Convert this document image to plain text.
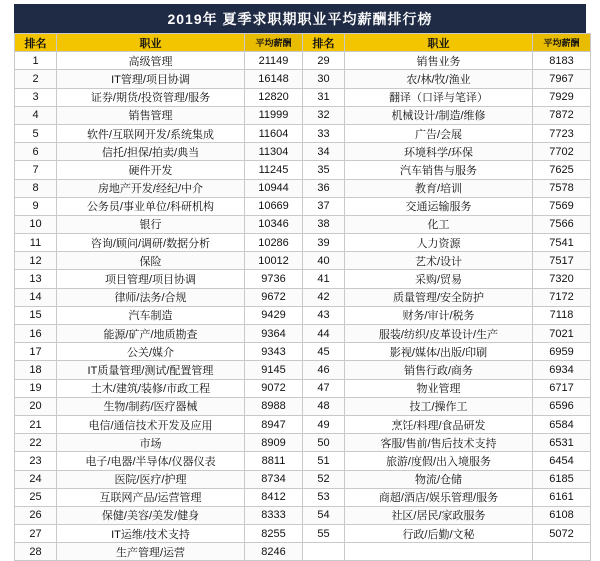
2019年 夏季求职期职业平均薪酬排行榜
排名	职业	平均薪酬	排名	职业	平均薪酬
1	高级管理	21149	29	销售业务	8183
2	IT管理/项目协调	16148	30	农/林/牧/渔业	7967
3	证券/期货/投资管理/服务	12820	31	翻译（口译与笔译）	7929
4	销售管理	11999	32	机械设计/制造/维修	7872
5	软件/互联网开发/系统集成	11604	33	广告/会展	7723
6	信托/担保/拍卖/典当	11304	34	环境科学/环保	7702
7	硬件开发	11245	35	汽车销售与服务	7625
8	房地产开发/经纪/中介	10944	36	教育/培训	7578
9	公务员/事业单位/科研机构	10669	37	交通运输服务	7569
10	银行	10346	38	化工	7566
11	咨询/顾问/调研/数据分析	10286	39	人力资源	7541
12	保险	10012	40	艺术/设计	7517
13	项目管理/项目协调	9736	41	采购/贸易	7320
14	律师/法务/合规	9672	42	质量管理/安全防护	7172
15	汽车制造	9429	43	财务/审计/税务	7118
16	能源/矿产/地质勘查	9364	44	服装/纺织/皮革设计/生产	7021
17	公关/媒介	9343	45	影视/媒体/出版/印刷	6959
18	IT质量管理/测试/配置管理	9145	46	销售行政/商务	6934
19	土木/建筑/装修/市政工程	9072	47	物业管理	6717
20	生物/制药/医疗器械	8988	48	技工/操作工	6596
21	电信/通信技术开发及应用	8947	49	烹饪/料理/食品研发	6584
22	市场	8909	50	客服/售前/售后技术支持	6531
23	电子/电器/半导体/仪器仪表	8811	51	旅游/度假/出入境服务	6454
24	医院/医疗/护理	8734	52	物流/仓储	6185
25	互联网产品/运营管理	8412	53	商超/酒店/娱乐管理/服务	6161
26	保健/美容/美发/健身	8333	54	社区/居民/家政服务	6108
27	IT运维/技术支持	8255	55	行政/后勤/文秘	5072
28	生产管理/运营	8246			
